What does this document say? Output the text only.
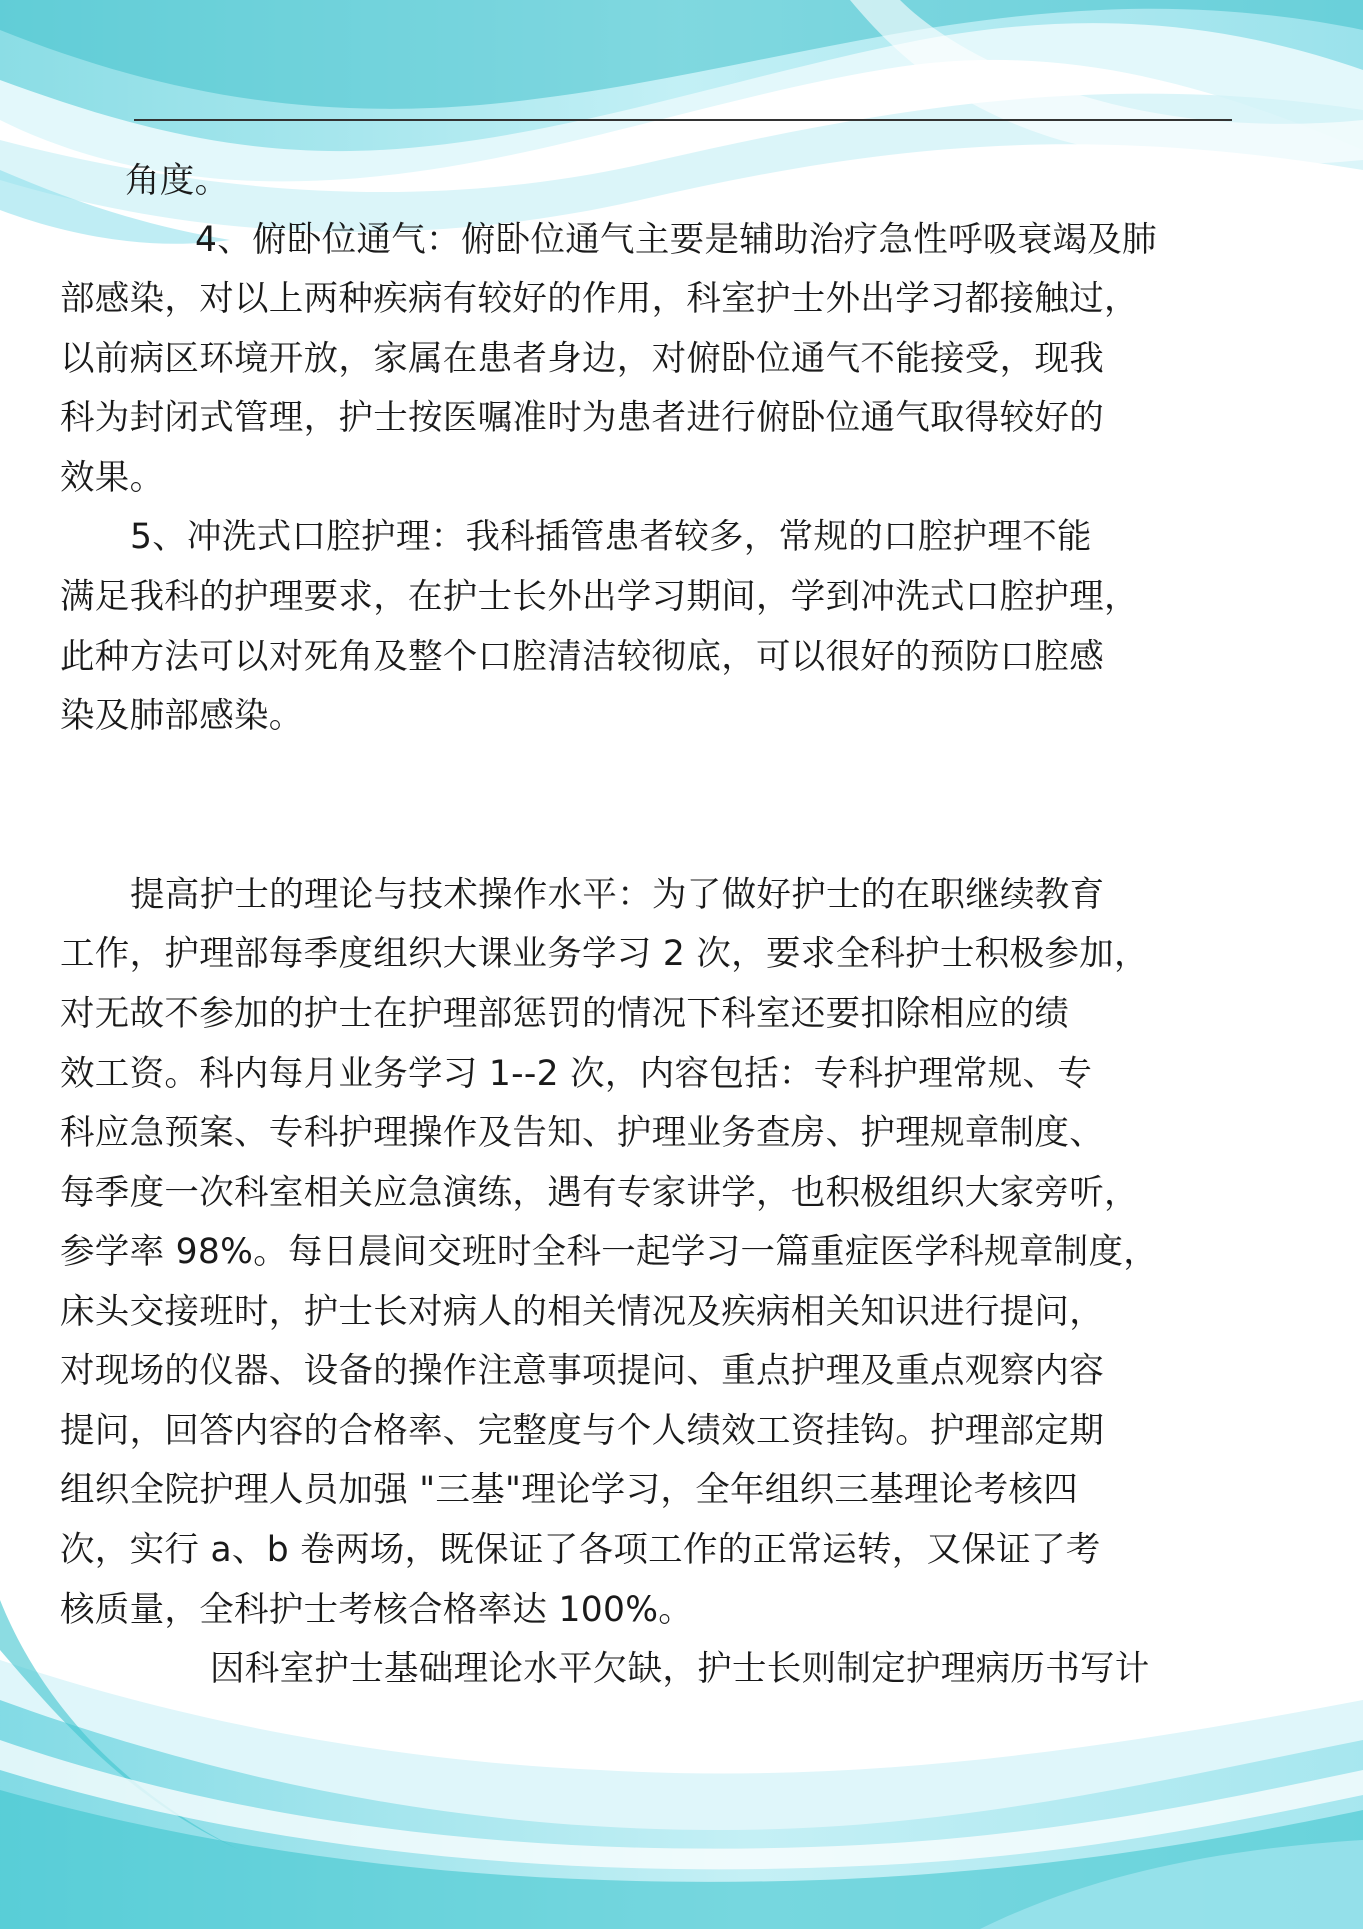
角度。
4、俯卧位通气：俯卧位通气主要是辅助治疗急性呼吸衰竭及肺
部感染，对以上两种疾病有较好的作用，科室护士外出学习都接触过，
以前病区环境开放，家属在患者身边，对俯卧位通气不能接受，现我
科为封闭式管理，护士按医嘱准时为患者进行俯卧位通气取得较好的
效果。
5、冲洗式口腔护理：我科插管患者较多，常规的口腔护理不能
满足我科的护理要求，在护士长外出学习期间，学到冲洗式口腔护理，
此种方法可以对死角及整个口腔清洁较彻底，可以很好的预防口腔感
染及肺部感染。
提高护士的理论与技术操作水平：为了做好护士的在职继续教育
工作，护理部每季度组织大课业务学习 2 次，要求全科护士积极参加，
对无故不参加的护士在护理部惩罚的情况下科室还要扣除相应的绩
效工资。科内每月业务学习 1--2 次，内容包括：专科护理常规、专
科应急预案、专科护理操作及告知、护理业务查房、护理规章制度、
每季度一次科室相关应急演练，遇有专家讲学，也积极组织大家旁听，
参学率 98%。每日晨间交班时全科一起学习一篇重症医学科规章制度，
床头交接班时，护士长对病人的相关情况及疾病相关知识进行提问，
对现场的仪器、设备的操作注意事项提问、重点护理及重点观察内容
提问，回答内容的合格率、完整度与个人绩效工资挂钩。护理部定期
组织全院护理人员加强 "三基"理论学习，全年组织三基理论考核四
次，实行 a、b 卷两场，既保证了各项工作的正常运转，又保证了考
核质量，全科护士考核合格率达 100%。
因科室护士基础理论水平欠缺，护士长则制定护理病历书写计
